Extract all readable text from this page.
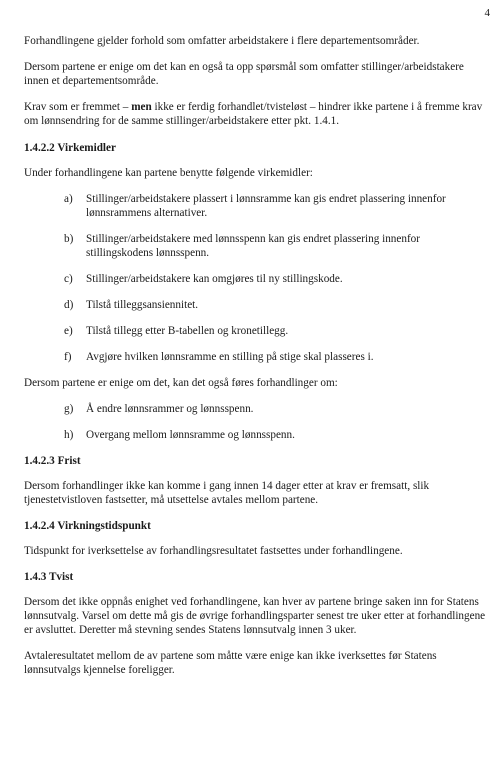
4

Forhandlingene gjelder forhold som omfatter arbeidstakere i flere departementsområder.

Dersom partene er enige om det kan en også ta opp spørsmål som omfatter stillinger/arbeidstakere innen et departementsområde.

Krav som er fremmet – men ikke er ferdig forhandlet/tvisteløst – hindrer ikke partene i å fremme krav om lønnsendring for de samme stillinger/arbeidstakere etter pkt. 1.4.1.

1.4.2.2 Virkemidler

Under forhandlingene kan partene benytte følgende virkemidler:

a)	Stillinger/arbeidstakere plassert i lønnsramme kan gis endret plassering innenfor lønnsrammens alternativer.
b)	Stillinger/arbeidstakere med lønnsspenn kan gis endret plassering innenfor stillingskodens lønnsspenn.
c)	Stillinger/arbeidstakere kan omgjøres til ny stillingskode.
d)	Tilstå tilleggsansiennitet.
e)	Tilstå tillegg etter B-tabellen og kronetillegg.
f)	Avgjøre hvilken lønnsramme en stilling på stige skal plasseres i.

Dersom partene er enige om det, kan det også føres forhandlinger om:

g)	Å endre lønnsrammer og lønnsspenn.
h)	Overgang mellom lønnsramme og lønnsspenn.
1.4.2.3 Frist

Dersom forhandlinger ikke kan komme i gang innen 14 dager etter at krav er fremsatt, slik tjenestetvistloven fastsetter, må utsettelse avtales mellom partene.

1.4.2.4 Virkningstidspunkt

Tidspunkt for iverksettelse av forhandlingsresultatet fastsettes under forhandlingene.

1.4.3 Tvist

Dersom det ikke oppnås enighet ved forhandlingene, kan hver av partene bringe saken inn for Statens lønnsutvalg. Varsel om dette må gis de øvrige forhandlingsparter senest tre uker etter at forhandlingene er avsluttet. Deretter må stevning sendes Statens lønnsutvalg innen 3 uker.

Avtaleresultatet mellom de av partene som måtte være enige kan ikke iverksettes før Statens lønnsutvalgs kjennelse foreligger.
